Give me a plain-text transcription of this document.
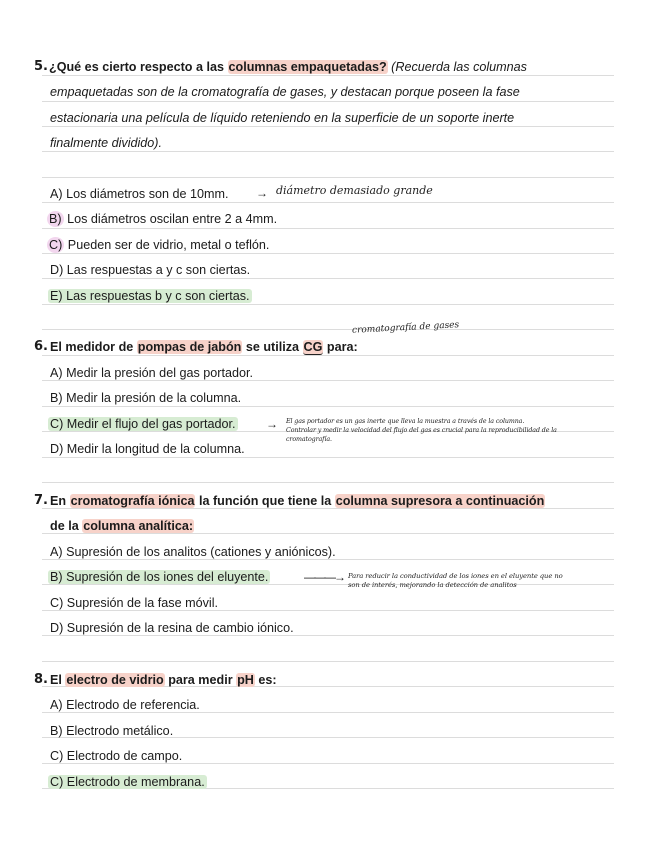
5. ¿Qué es cierto respecto a las columnas empaquetadas? (Recuerda las columnas
empaquetadas son de la cromatografía de gases, y destacan porque poseen la fase
estacionaria una película de líquido reteniendo en la superficie de un soporte inerte
finalmente dividido).
A) Los diámetros son de 10mm. → diámetro demasiado grande
B) Los diámetros oscilan entre 2 a 4mm.
C) Pueden ser de vidrio, metal o teflón.
D) Las respuestas a y c son ciertas.
E) Las respuestas b y c son ciertas.
cromatografía de gases
6. El medidor de pompas de jabón se utiliza CG para:
A) Medir la presión del gas portador.
B) Medir la presión de la columna.
C) Medir el flujo del gas portador.	→ El gas portador es un gas inerte que lleva la muestra a través de la columna.
Controlar y medir la velocidad del flujo del gas es crucial para la reproducibilidad de la
cromatografía.
D) Medir la longitud de la columna.
7. En cromatografía iónica la función que tiene la columna supresora a continuación
de la columna analítica:
A) Supresión de los analitos (cationes y aniónicos).
B) Supresión de los iones del eluyente.	———→ Para reducir la conductividad de los iones en el eluyente que no
son de interés, mejorando la detección de analitos
C) Supresión de la fase móvil.
D) Supresión de la resina de cambio iónico.
8. El electro de vidrio para medir pH es:
A) Electrodo de referencia.
B) Electrodo metálico.
C) Electrodo de campo.
C) Electrodo de membrana.
